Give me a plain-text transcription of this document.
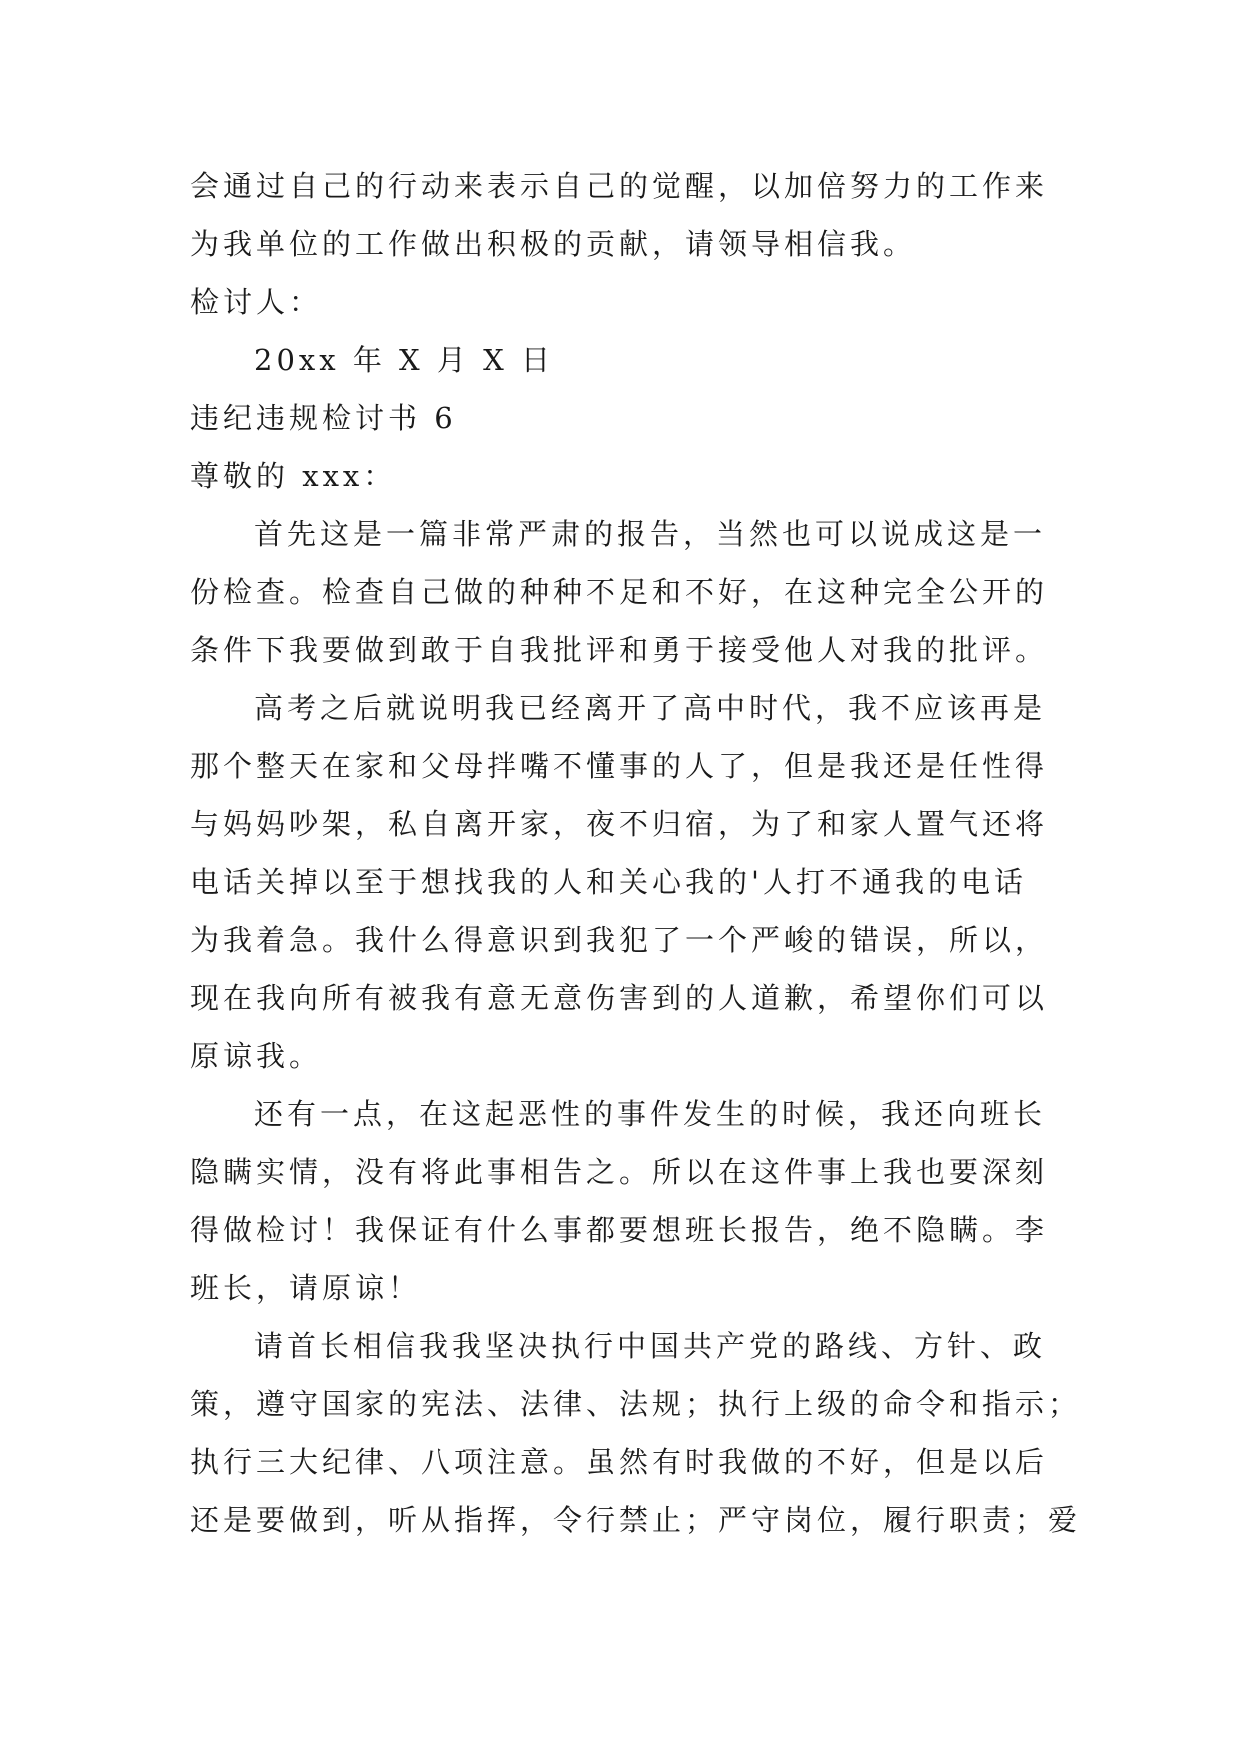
会通过自己的行动来表示自己的觉醒，以加倍努力的工作来
为我单位的工作做出积极的贡献，请领导相信我。
检讨人：
20xx 年 X 月 X 日
违纪违规检讨书 6
尊敬的 xxx：
首先这是一篇非常严肃的报告，当然也可以说成这是一
份检查。检查自己做的种种不足和不好，在这种完全公开的
条件下我要做到敢于自我批评和勇于接受他人对我的批评。
高考之后就说明我已经离开了高中时代，我不应该再是
那个整天在家和父母拌嘴不懂事的人了，但是我还是任性得
与妈妈吵架，私自离开家，夜不归宿，为了和家人置气还将
电话关掉以至于想找我的人和关心我的'人打不通我的电话
为我着急。我什么得意识到我犯了一个严峻的错误，所以，
现在我向所有被我有意无意伤害到的人道歉，希望你们可以
原谅我。
还有一点，在这起恶性的事件发生的时候，我还向班长
隐瞒实情，没有将此事相告之。所以在这件事上我也要深刻
得做检讨！我保证有什么事都要想班长报告，绝不隐瞒。李
班长，请原谅！
请首长相信我我坚决执行中国共产党的路线、方针、政
策，遵守国家的宪法、法律、法规；执行上级的命令和指示；
执行三大纪律、八项注意。虽然有时我做的不好，但是以后
还是要做到，听从指挥，令行禁止；严守岗位，履行职责；爱
